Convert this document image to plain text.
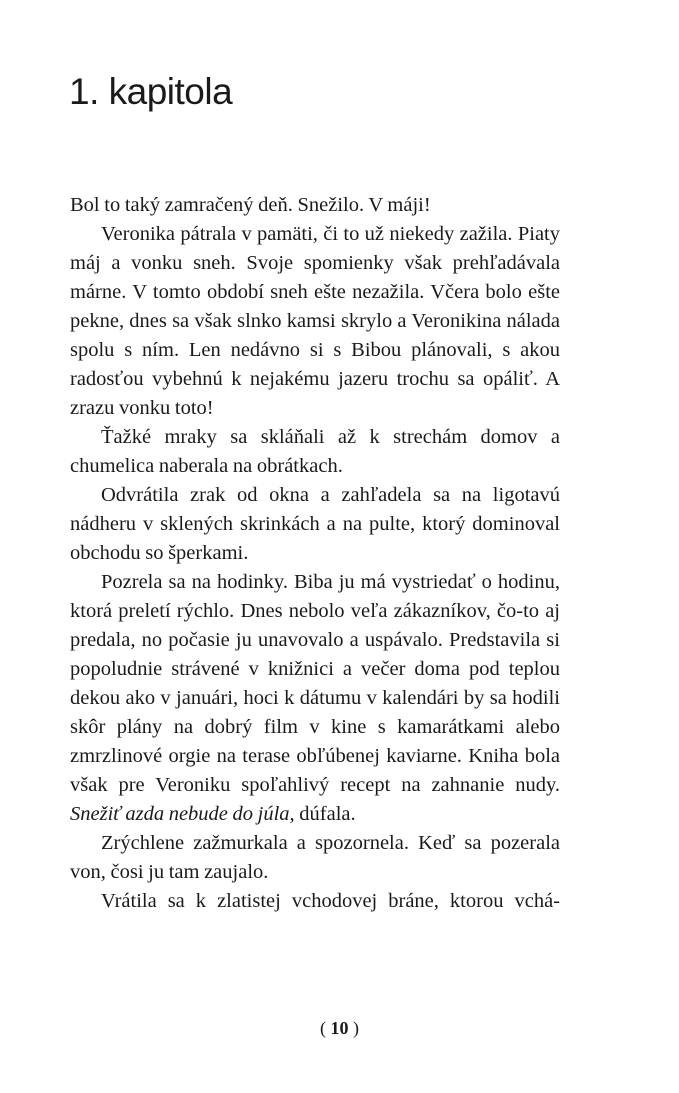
1. kapitola

Bol to taký zamračený deň. Snežilo. V máji!

Veronika pátrala v pamäti, či to už niekedy zažila. Piaty máj a vonku sneh. Svoje spomienky však prehľadávala márne. V tomto období sneh ešte nezažila. Včera bolo ešte pekne, dnes sa však slnko kamsi skrylo a Veronikina nálada spolu s ním. Len nedávno si s Bibou plánovali, s akou radosťou vybehnú k nejakému jazeru trochu sa opáliť. A zrazu vonku toto!

Ťažké mraky sa skláňali až k strechám domov a chumelica naberala na obrátkach.

Odvrátila zrak od okna a zahľadela sa na ligotavú nádheru v sklených skrinkách a na pulte, ktorý dominoval obchodu so šperkami.

Pozrela sa na hodinky. Biba ju má vystriedať o hodinu, ktorá preletí rýchlo. Dnes nebolo veľa zákazníkov, čo-to aj predala, no počasie ju unavovalo a uspávalo. Predstavila si popoludnie strávené v knižnici a večer doma pod teplou dekou ako v januári, hoci k dátumu v kalendári by sa hodili skôr plány na dobrý film v kine s kamarátkami alebo zmrzlinové orgie na terase obľúbenej kaviarne. Kniha bola však pre Veroniku spoľahlivý recept na zahnanie nudy. Snežiť azda nebude do júla, dúfala.

Zrýchlene zažmurkala a spozornela. Keď sa pozerala von, čosi ju tam zaujalo.

Vrátila sa k zlatistej vchodovej bráne, ktorou vchá-

( 10 )
